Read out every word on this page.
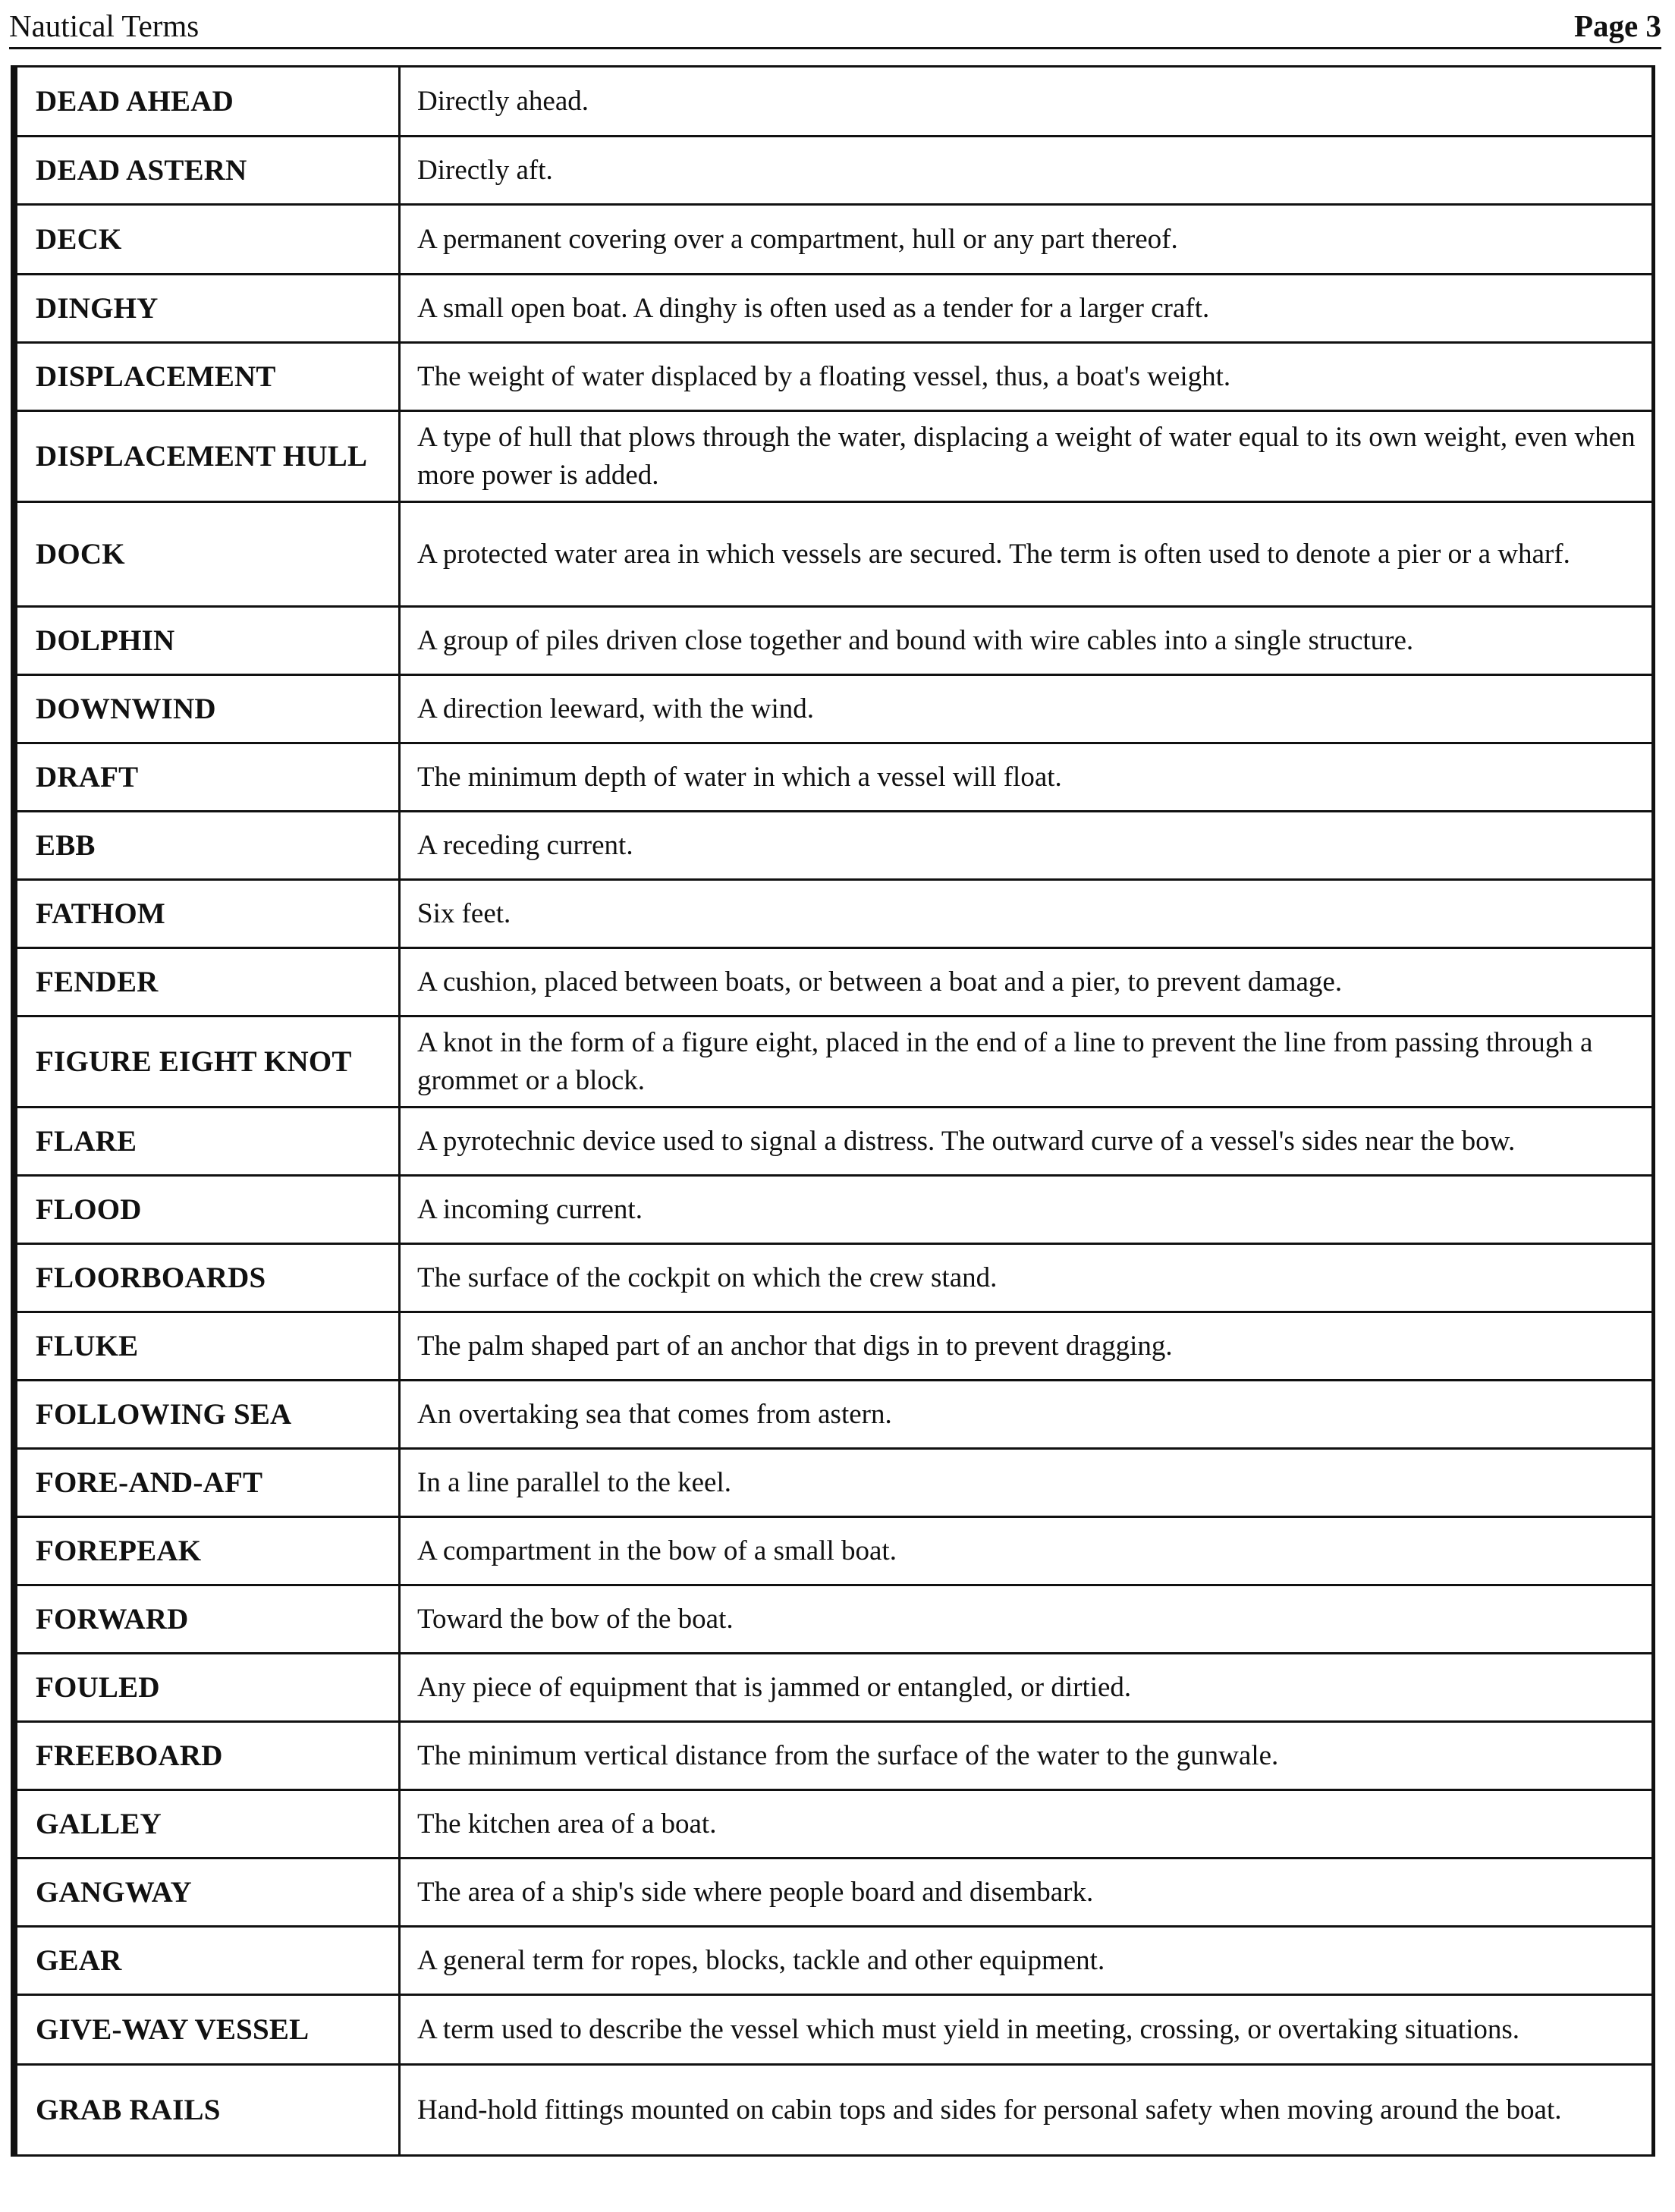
Nautical Terms	Page 3
DEAD AHEAD	Directly ahead.
DEAD ASTERN	Directly aft.
DECK	A permanent covering over a compartment, hull or any part thereof.
DINGHY	A small open boat. A dinghy is often used as a tender for a larger craft.
DISPLACEMENT	The weight of water displaced by a floating vessel, thus, a boat's weight.
DISPLACEMENT HULL	A type of hull that plows through the water, displacing a weight of water equal to its own weight, even when more power is added.
DOCK	A protected water area in which vessels are secured. The term is often used to denote a pier or a wharf.
DOLPHIN	A group of piles driven close together and bound with wire cables into a single structure.
DOWNWIND	A direction leeward, with the wind.
DRAFT	The minimum depth of water in which a vessel will float.
EBB	A receding current.
FATHOM	Six feet.
FENDER	A cushion, placed between boats, or between a boat and a pier, to prevent damage.
FIGURE EIGHT KNOT	A knot in the form of a figure eight, placed in the end of a line to prevent the line from passing through a grommet or a block.
FLARE	A pyrotechnic device used to signal a distress. The outward curve of a vessel's sides near the bow.
FLOOD	A incoming current.
FLOORBOARDS	The surface of the cockpit on which the crew stand.
FLUKE	The palm shaped part of an anchor that digs in to prevent dragging.
FOLLOWING SEA	An overtaking sea that comes from astern.
FORE-AND-AFT	In a line parallel to the keel.
FOREPEAK	A compartment in the bow of a small boat.
FORWARD	Toward the bow of the boat.
FOULED	Any piece of equipment that is jammed or entangled, or dirtied.
FREEBOARD	The minimum vertical distance from the surface of the water to the gunwale.
GALLEY	The kitchen area of a boat.
GANGWAY	The area of a ship's side where people board and disembark.
GEAR	A general term for ropes, blocks, tackle and other equipment.
GIVE-WAY VESSEL	A term used to describe the vessel which must yield in meeting, crossing, or overtaking situations.
GRAB RAILS	Hand-hold fittings mounted on cabin tops and sides for personal safety when moving around the boat.
